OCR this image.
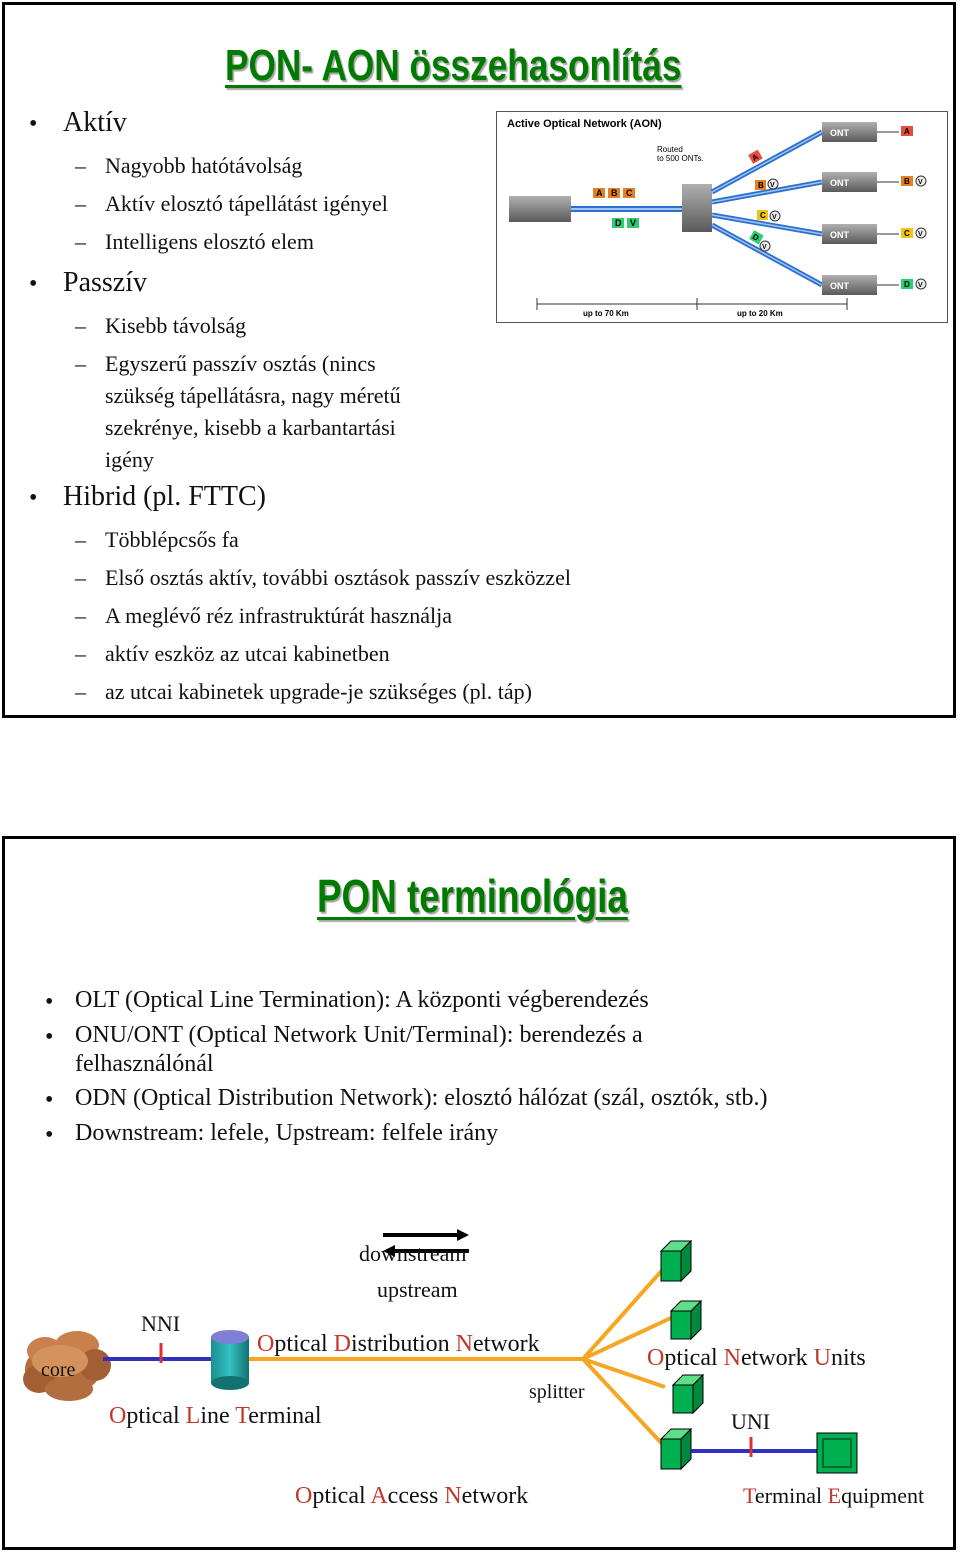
PON- AON összehasonlítás
• Aktív
– Nagyobb hatótávolság
– Aktív elosztó tápellátást igényel
– Intelligens elosztó elem
• Passzív
– Kisebb távolság
– Egyszerű passzív osztás (nincs
szükség tápellátásra, nagy méretű
szekrénye, kisebb a karbantartási
igény
• Hibrid (pl. FTTC)
– Többlépcsős fa
– Első osztás aktív, további osztások passzív eszközzel
– A meglévő réz infrastruktúrát használja
– aktív eszköz az utcai kabinetben
– az utcai kabinetek upgrade-je szükséges (pl. táp)
Active Optical Network (AON)
Routed
to 500 ONTs.
A B C
D V
ONT
ONT
ONT
ONT
A
B V
C V
D V
A
B V
C V
D
V
up to 70 Km	up to 20 Km
PON terminológia
• OLT (Optical Line Termination): A központi végberendezés
• ONU/ONT (Optical Network Unit/Terminal): berendezés a
felhasználónál
• ODN (Optical Distribution Network): elosztó hálózat (szál, osztók, stb.)
• Downstream: lefele, Upstream: felfele irány
downstream
upstream
NNI
core
splitter
UNI
Optical Distribution Network
Optical Line Terminal
Optical Network Units
Optical Access Network	Terminal Equipment
